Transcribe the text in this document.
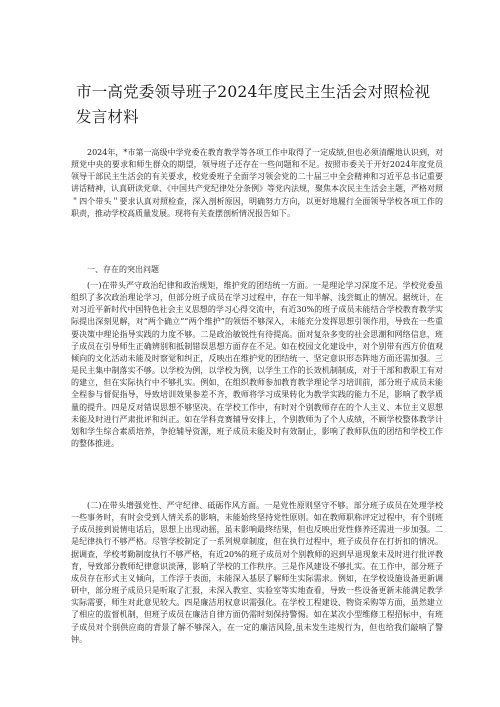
市一高党委领导班子2024年度民主生活会对照检视发言材料

2024年，*市第一高级中学党委在教育教学等各项工作中取得了一定成绩,但也必须清醒地认识到，对照党中央的要求和师生群众的期望，领导班子还存在一些问题和不足。按照市委关于开好2024年度党员领导干部民主生活会的有关要求，校党委班子全面学习领会党的二十届三中全会精神和习近平总书记重要讲话精神，认真研读党章、《中国共产党纪律处分条例》等党内法规，聚焦本次民主生活会主题，严格对照＂四个带头＂要求认真对照检查，深入剖析原因，明确努力方向，以更好地履行全面领导学校各项工作的职责，推动学校高质量发展。现将有关查摆剖析情况报告如下。

一、存在的突出问题

(一)在带头严守政治纪律和政治规矩，维护党的团结统一方面。一是理论学习深度不足。学校党委虽组织了多次政治理论学习，但部分班子成员在学习过程中，存在一知半解、浅尝辄止的情况。据统计，在对习近平新时代中国特色社会主义思想的学习心得交流中，有近30%的班子成员未能结合学校教育教学实际提出深刻见解，对“两个确立”“两个维护”的领悟不够深入，未能充分发挥思想引领作用，导致在一些重要决策中理论指导实践的力度不够。二是政治敏锐性有待提高。面对复杂多变的社会思潮和网络信息，班子成员在引导师生正确辨别和抵制错误思想方面存在不足。如在校园文化建设中，对个别带有西方价值观倾向的文化活动未能及时察觉和纠正，反映出在维护党的团结统一、坚定意识形态阵地方面还需加强。三是民主集中制落实不够。以学校为例，以学校为例，以学生工作的长效机制制成，对于干部和教职工有对的建立，但在实际执行中不够扎实。例如，在组织教师参加教育教学理论学习培训前，部分班子成员未能全程参与督促指导，导致培训效果参差不齐，教师将学习成果转化为教学实践的能力不足，影响了教学质量的提升。四是反对错误思想不够坚决。在学校工作中，有时对个别教师存在的个人主义、本位主义思想未能及时进行严肃批评和纠正。如在学科竞赛辅导安排上，个别教师为了个人成绩，不顾学校整体教学计划和学生综合素质培养，争抢辅导资源，班子成员未能及时有效制止，影响了教师队伍的团结和学校工作的整体推进。

(二)在带头增强党性、严守纪律、砥砺作风方面。一是党性原则坚守不够。部分班子成员在处理学校一些事务时，有时会受到人情关系的影响，未能始终坚持党性原则。如在教师职称评定过程中，有个别班子成员接到说情电话后，思想上出现动摇，虽未影响最终结果，但也反映出党性修养还需进一步加强。二是纪律执行不够严格。尽管学校制定了一系列规章制度，但在执行过程中，班子成员存在打折扣的情况。据调查，学校考勤制度执行不够严格，有近20%的班子成员对个别教师的迟到早退现象未及时进行批评教育，导致部分教师纪律意识淡薄，影响了学校的工作秩序。三是作风建设不够扎实。在工作中，部分班子成员存在形式主义倾向，工作浮于表面，未能深入基层了解师生实际需求。例如，在学校设施设备更新调研中，部分班子成员只是听取了汇报，未深入教室、实验室等实地查看，导致一些设备更新未能满足教学实际需要，师生对此意见较大。四是廉洁用权意识需强化。在学校工程建设、物资采购等方面，虽然建立了相应的监督机制，但班子成员在廉洁自律方面仍需时刻保持警惕。如在某次小型维修工程招标中，有班子成员对个别供应商的背景了解不够深入，在一定的廉洁风险,虽未发生违规行为，但也给我们敲响了警钟。
